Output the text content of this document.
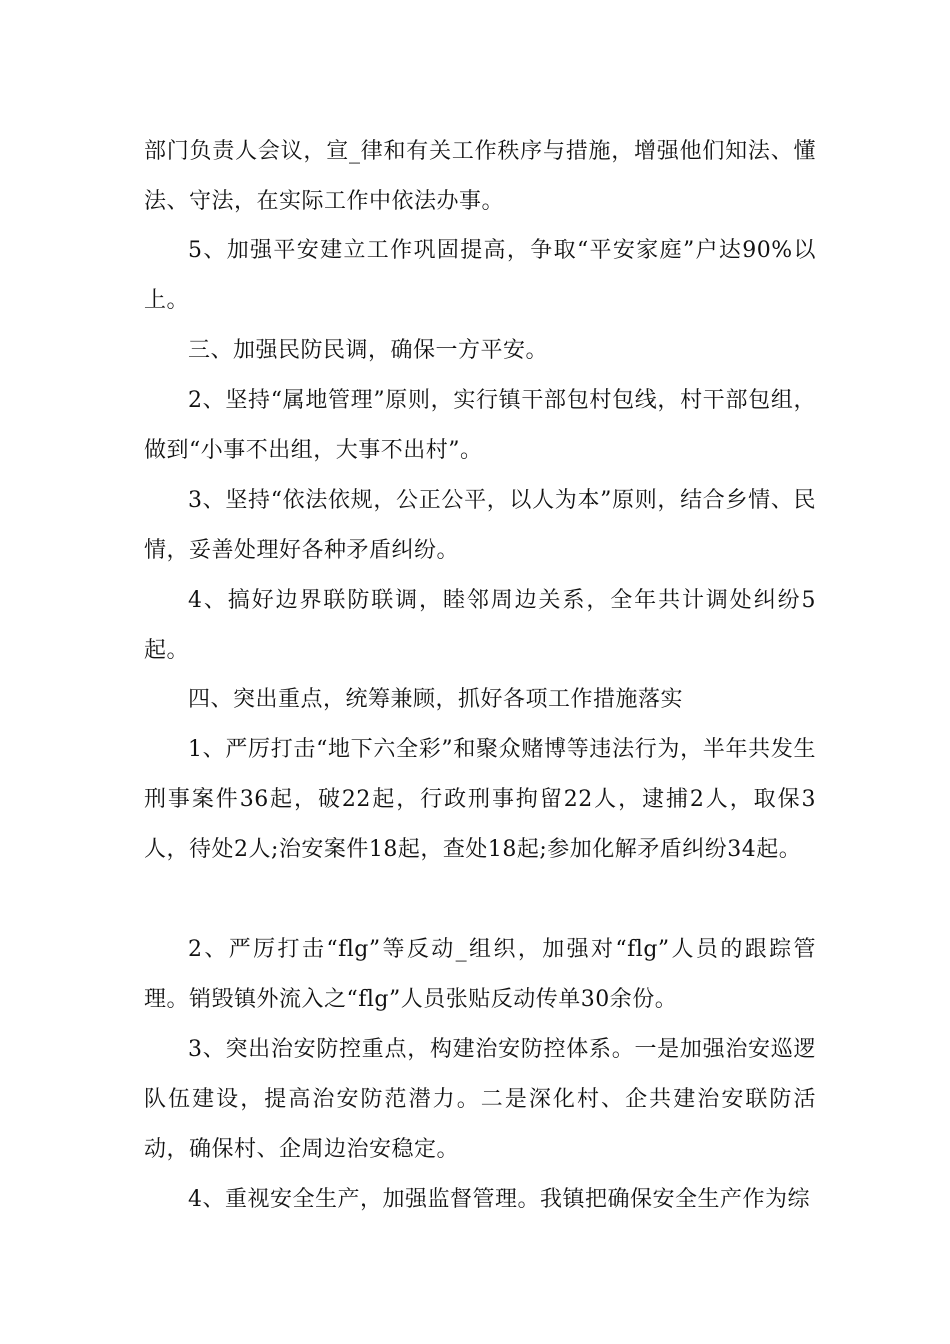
部门负责人会议，宣_律和有关工作秩序与措施，增强他们知法、懂法、守法，在实际工作中依法办事。

5、加强平安建立工作巩固提高，争取“平安家庭”户达90%以上。

三、加强民防民调，确保一方平安。

2、坚持“属地管理”原则，实行镇干部包村包线，村干部包组，做到“小事不出组，大事不出村”。

3、坚持“依法依规，公正公平，以人为本”原则，结合乡情、民情，妥善处理好各种矛盾纠纷。

4、搞好边界联防联调，睦邻周边关系，全年共计调处纠纷5起。

四、突出重点，统筹兼顾，抓好各项工作措施落实

1、严厉打击“地下六全彩”和聚众赌博等违法行为，半年共发生刑事案件36起，破22起，行政刑事拘留22人，逮捕2人，取保3人，待处2人;治安案件18起，查处18起;参加化解矛盾纠纷34起。

2、严厉打击“flg”等反动_组织，加强对“flg”人员的跟踪管理。销毁镇外流入之“flg”人员张贴反动传单30余份。

3、突出治安防控重点，构建治安防控体系。一是加强治安巡逻队伍建设，提高治安防范潜力。二是深化村、企共建治安联防活动，确保村、企周边治安稳定。

4、重视安全生产，加强监督管理。我镇把确保安全生产作为综
